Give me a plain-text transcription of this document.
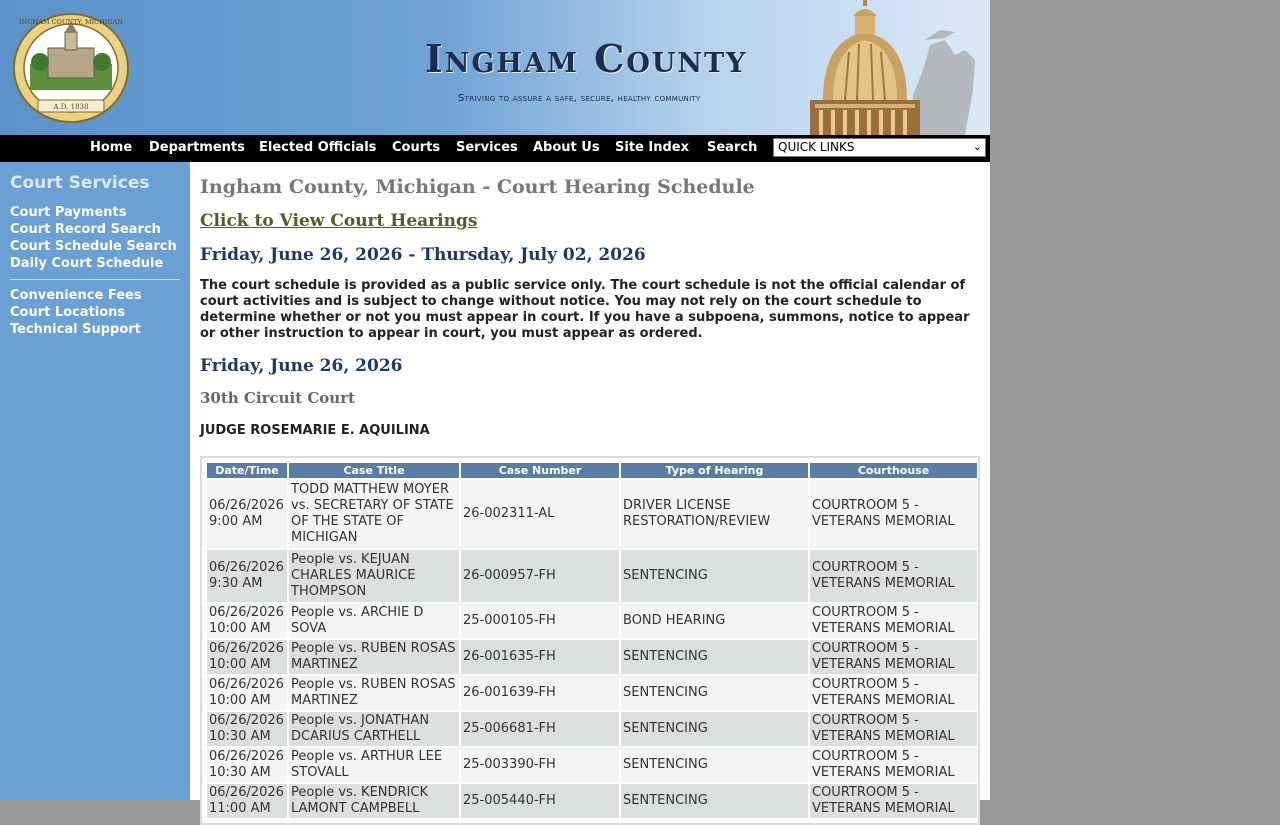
A.D. 1838
INGHAM COUNTY, MICHIGAN
Ingham County
Striving to assure a safe, secure, healthy community
Home Departments Elected Officials Courts Services About Us Site Index Search	QUICK LINKS	⌄
Court Services
Court Payments
Court Record Search
Court Schedule Search
Daily Court Schedule
Convenience Fees
Court Locations
Technical Support
Ingham County, Michigan - Court Hearing Schedule
Click to View Court Hearings
Friday, June 26, 2026 - Thursday, July 02, 2026
The court schedule is provided as a public service only. The court schedule is not the official calendar of court activities and is subject to change without notice. You may not rely on the court schedule to determine whether or not you must appear in court. If you have a subpoena, summons, notice to appear or other instruction to appear in court, you must appear as ordered.
Friday, June 26, 2026
30th Circuit Court
JUDGE ROSEMARIE E. AQUILINA
Date/Time	Case Title	Case Number	Type of Hearing	Courthouse
06/26/2026 9:00 AM	TODD MATTHEW MOYER vs. SECRETARY OF STATE OF THE STATE OF MICHIGAN	26-002311-AL	DRIVER LICENSE RESTORATION/REVIEW	COURTROOM 5 - VETERANS MEMORIAL
06/26/2026 9:30 AM	People vs. KEJUAN CHARLES MAURICE THOMPSON	26-000957-FH	SENTENCING	COURTROOM 5 - VETERANS MEMORIAL
06/26/2026 10:00 AM	People vs. ARCHIE D SOVA	25-000105-FH	BOND HEARING	COURTROOM 5 - VETERANS MEMORIAL
06/26/2026 10:00 AM	People vs. RUBEN ROSAS MARTINEZ	26-001635-FH	SENTENCING	COURTROOM 5 - VETERANS MEMORIAL
06/26/2026 10:00 AM	People vs. RUBEN ROSAS MARTINEZ	26-001639-FH	SENTENCING	COURTROOM 5 - VETERANS MEMORIAL
06/26/2026 10:30 AM	People vs. JONATHAN DCARIUS CARTHELL	25-006681-FH	SENTENCING	COURTROOM 5 - VETERANS MEMORIAL
06/26/2026 10:30 AM	People vs. ARTHUR LEE STOVALL	25-003390-FH	SENTENCING	COURTROOM 5 - VETERANS MEMORIAL
06/26/2026 11:00 AM	People vs. KENDRICK LAMONT CAMPBELL	25-005440-FH	SENTENCING	COURTROOM 5 - VETERANS MEMORIAL
